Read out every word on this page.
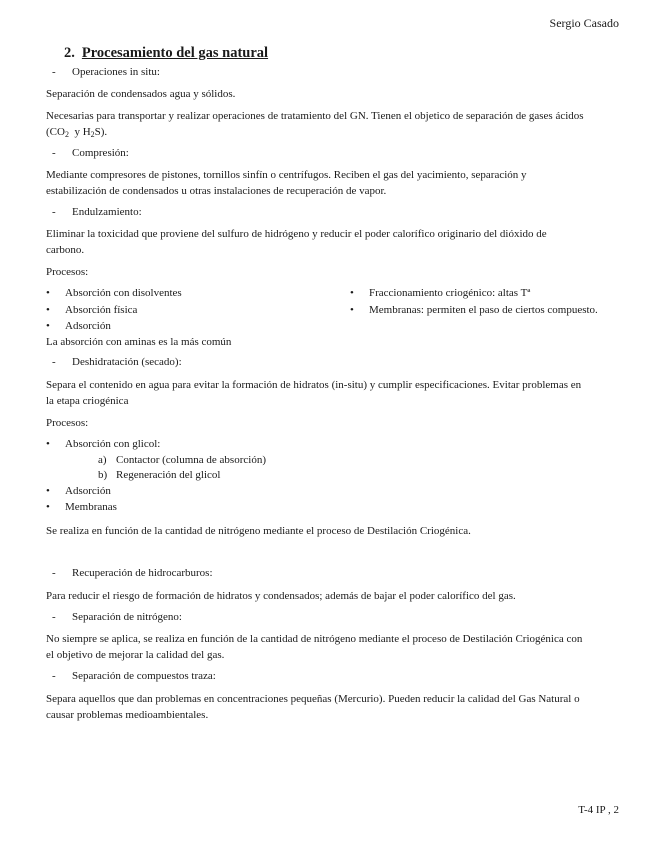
Sergio Casado
2. Procesamiento del gas natural
- Operaciones in situ:
Separación de condensados agua y sólidos.
Necesarias para transportar y realizar operaciones de tratamiento del GN. Tienen el objetico de separación de gases ácidos
($CO_2$  y $H_2S$).
- Compresión:
Mediante compresores de pistones, tornillos sinfín o centrífugos. Reciben el gas del yacimiento, separación y
estabilización de condensados u otras instalaciones de recuperación de vapor.
- Endulzamiento:
Eliminar la toxicidad que proviene del sulfuro de hidrógeno y reducir el poder calorífico originario del dióxido de
carbono.
Procesos:
• Absorción con disolventes
• Absorción física
• Adsorción
• Fraccionamiento criogénico: altas Tª
• Membranas: permiten el paso de ciertos compuesto.
La absorción con aminas es la más común
- Deshidratación (secado):
Separa el contenido en agua para evitar la formación de hidratos (in-situ) y cumplir especificaciones. Evitar problemas en
la etapa criogénica
Procesos:
• Absorción con glicol:
a) Contactor (columna de absorción)
b) Regeneración del glicol
• Adsorción
• Membranas
Se realiza en función de la cantidad de nitrógeno mediante el proceso de Destilación Criogénica.
- Recuperación de hidrocarburos:
Para reducir el riesgo de formación de hidratos y condensados; además de bajar el poder calorífico del gas.
- Separación de nitrógeno:
No siempre se aplica, se realiza en función de la cantidad de nitrógeno mediante el proceso de Destilación Criogénica con
el objetivo de mejorar la calidad del gas.
- Separación de compuestos traza:
Separa aquellos que dan problemas en concentraciones pequeñas (Mercurio). Pueden reducir la calidad del Gas Natural o
causar problemas medioambientales.
T-4 IP , 2
